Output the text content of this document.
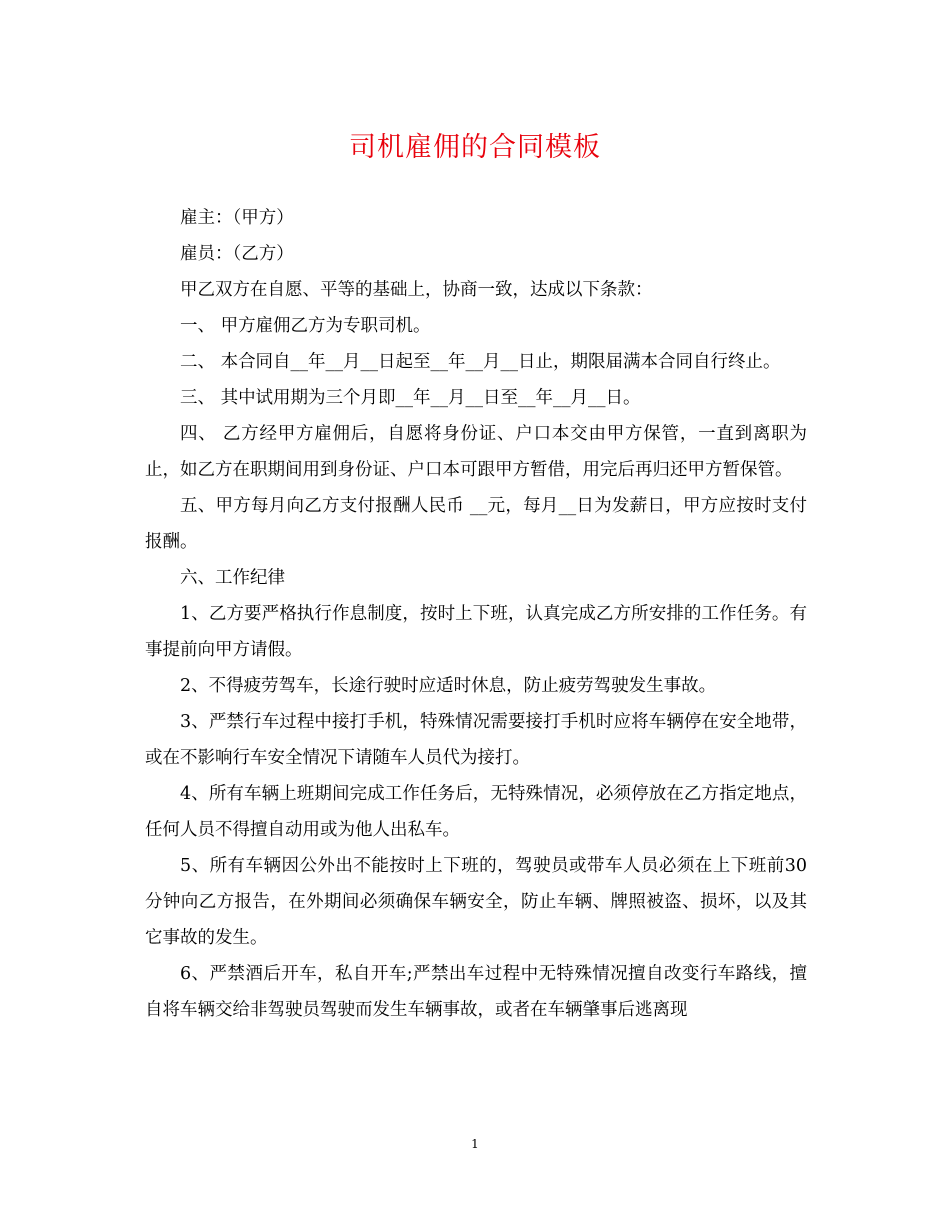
司机雇佣的合同模板

雇主：（甲方）

雇员：（乙方）

甲乙双方在自愿、平等的基础上，协商一致，达成以下条款：

一、 甲方雇佣乙方为专职司机。

二、 本合同自__年__月__日起至__年__月__日止，期限届满本合同自行终止。

三、 其中试用期为三个月即__年__月__日至__年__月__日。

四、 乙方经甲方雇佣后，自愿将身份证、户口本交由甲方保管，一直到离职为止，如乙方在职期间用到身份证、户口本可跟甲方暂借，用完后再归还甲方暂保管。

五、甲方每月向乙方支付报酬人民币 __元，每月__日为发薪日，甲方应按时支付报酬。

六、工作纪律

1、乙方要严格执行作息制度，按时上下班，认真完成乙方所安排的工作任务。有事提前向甲方请假。

2、不得疲劳驾车，长途行驶时应适时休息，防止疲劳驾驶发生事故。

3、严禁行车过程中接打手机，特殊情况需要接打手机时应将车辆停在安全地带，或在不影响行车安全情况下请随车人员代为接打。

4、所有车辆上班期间完成工作任务后，无特殊情况，必须停放在乙方指定地点，任何人员不得擅自动用或为他人出私车。

5、所有车辆因公外出不能按时上下班的，驾驶员或带车人员必须在上下班前30分钟向乙方报告，在外期间必须确保车辆安全，防止车辆、牌照被盗、损坏，以及其它事故的发生。

6、严禁酒后开车，私自开车;严禁出车过程中无特殊情况擅自改变行车路线，擅自将车辆交给非驾驶员驾驶而发生车辆事故，或者在车辆肇事后逃离现

1
